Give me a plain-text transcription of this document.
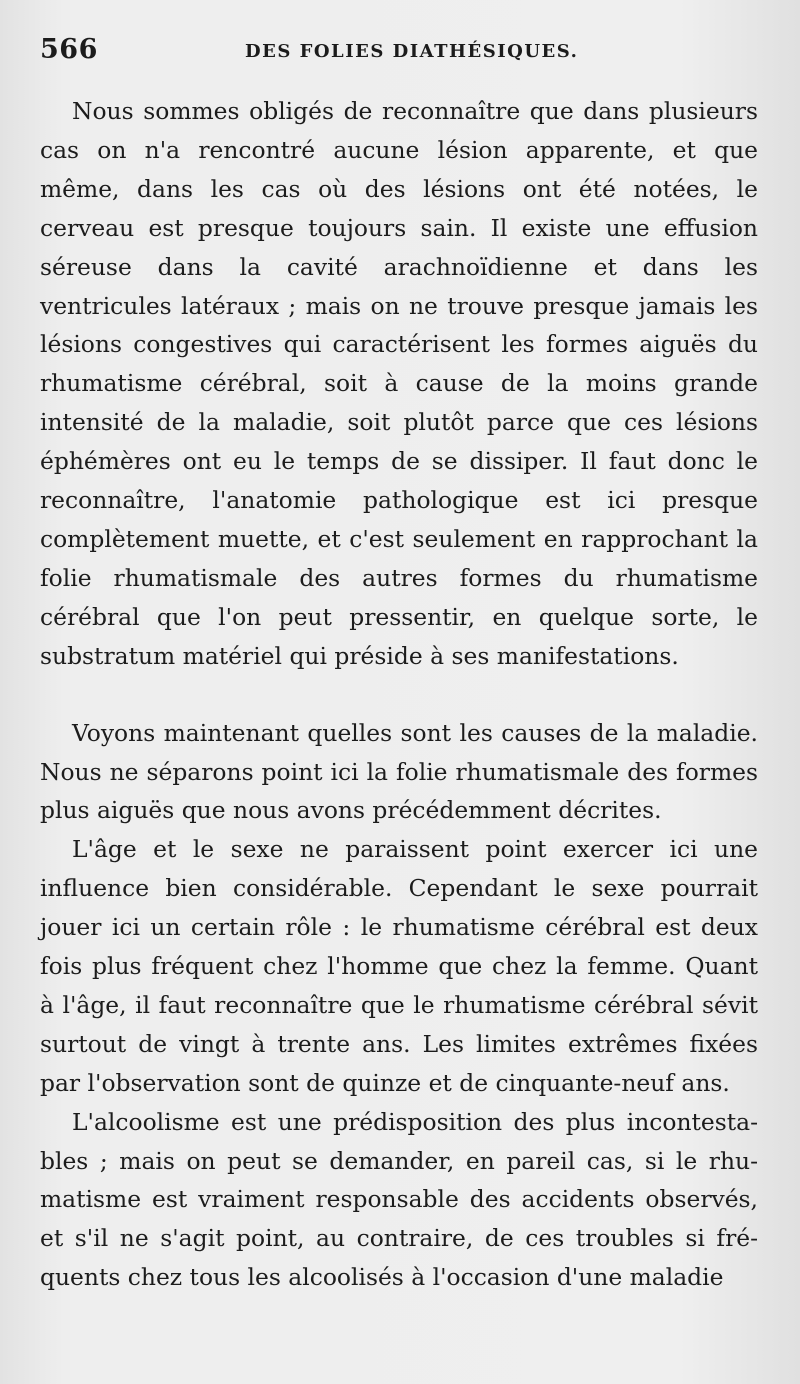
566	DES FOLIES DIATHÉSIQUES.

Nous sommes obligés de reconnaître que dans plusieurs cas on n'a rencontré aucune lésion apparente, et que même, dans les cas où des lésions ont été notées, le cerveau est presque toujours sain. Il existe une effusion séreuse dans la cavité arachnoïdienne et dans les ventricules latéraux ; mais on ne trouve presque jamais les lésions congestives qui caractérisent les formes aiguës du rhumatisme cérébral, soit à cause de la moins grande intensité de la maladie, soit plutôt parce que ces lésions éphémères ont eu le temps de se dissiper. Il faut donc le reconnaître, l'anatomie pathologique est ici presque complètement muette, et c'est seulement en rapprochant la folie rhumatismale des autres formes du rhumatisme cérébral que l'on peut pressentir, en quelque sorte, le substratum matériel qui préside à ses manifestations.

Voyons maintenant quelles sont les causes de la maladie. Nous ne séparons point ici la folie rhumatismale des formes plus aiguës que nous avons précédemment décrites.

L'âge et le sexe ne paraissent point exercer ici une influence bien considérable. Cependant le sexe pourrait jouer ici un certain rôle : le rhumatisme cérébral est deux fois plus fréquent chez l'homme que chez la femme. Quant à l'âge, il faut reconnaître que le rhumatisme cérébral sévit surtout de vingt à trente ans. Les limites extrêmes fixées par l'observation sont de quinze et de cinquante-neuf ans.

L'alcoolisme est une prédisposition des plus incontestables ; mais on peut se demander, en pareil cas, si le rhumatisme est vraiment responsable des accidents observés, et s'il ne s'agit point, au contraire, de ces troubles si fréquents chez tous les alcoolisés à l'occasion d'une maladie
